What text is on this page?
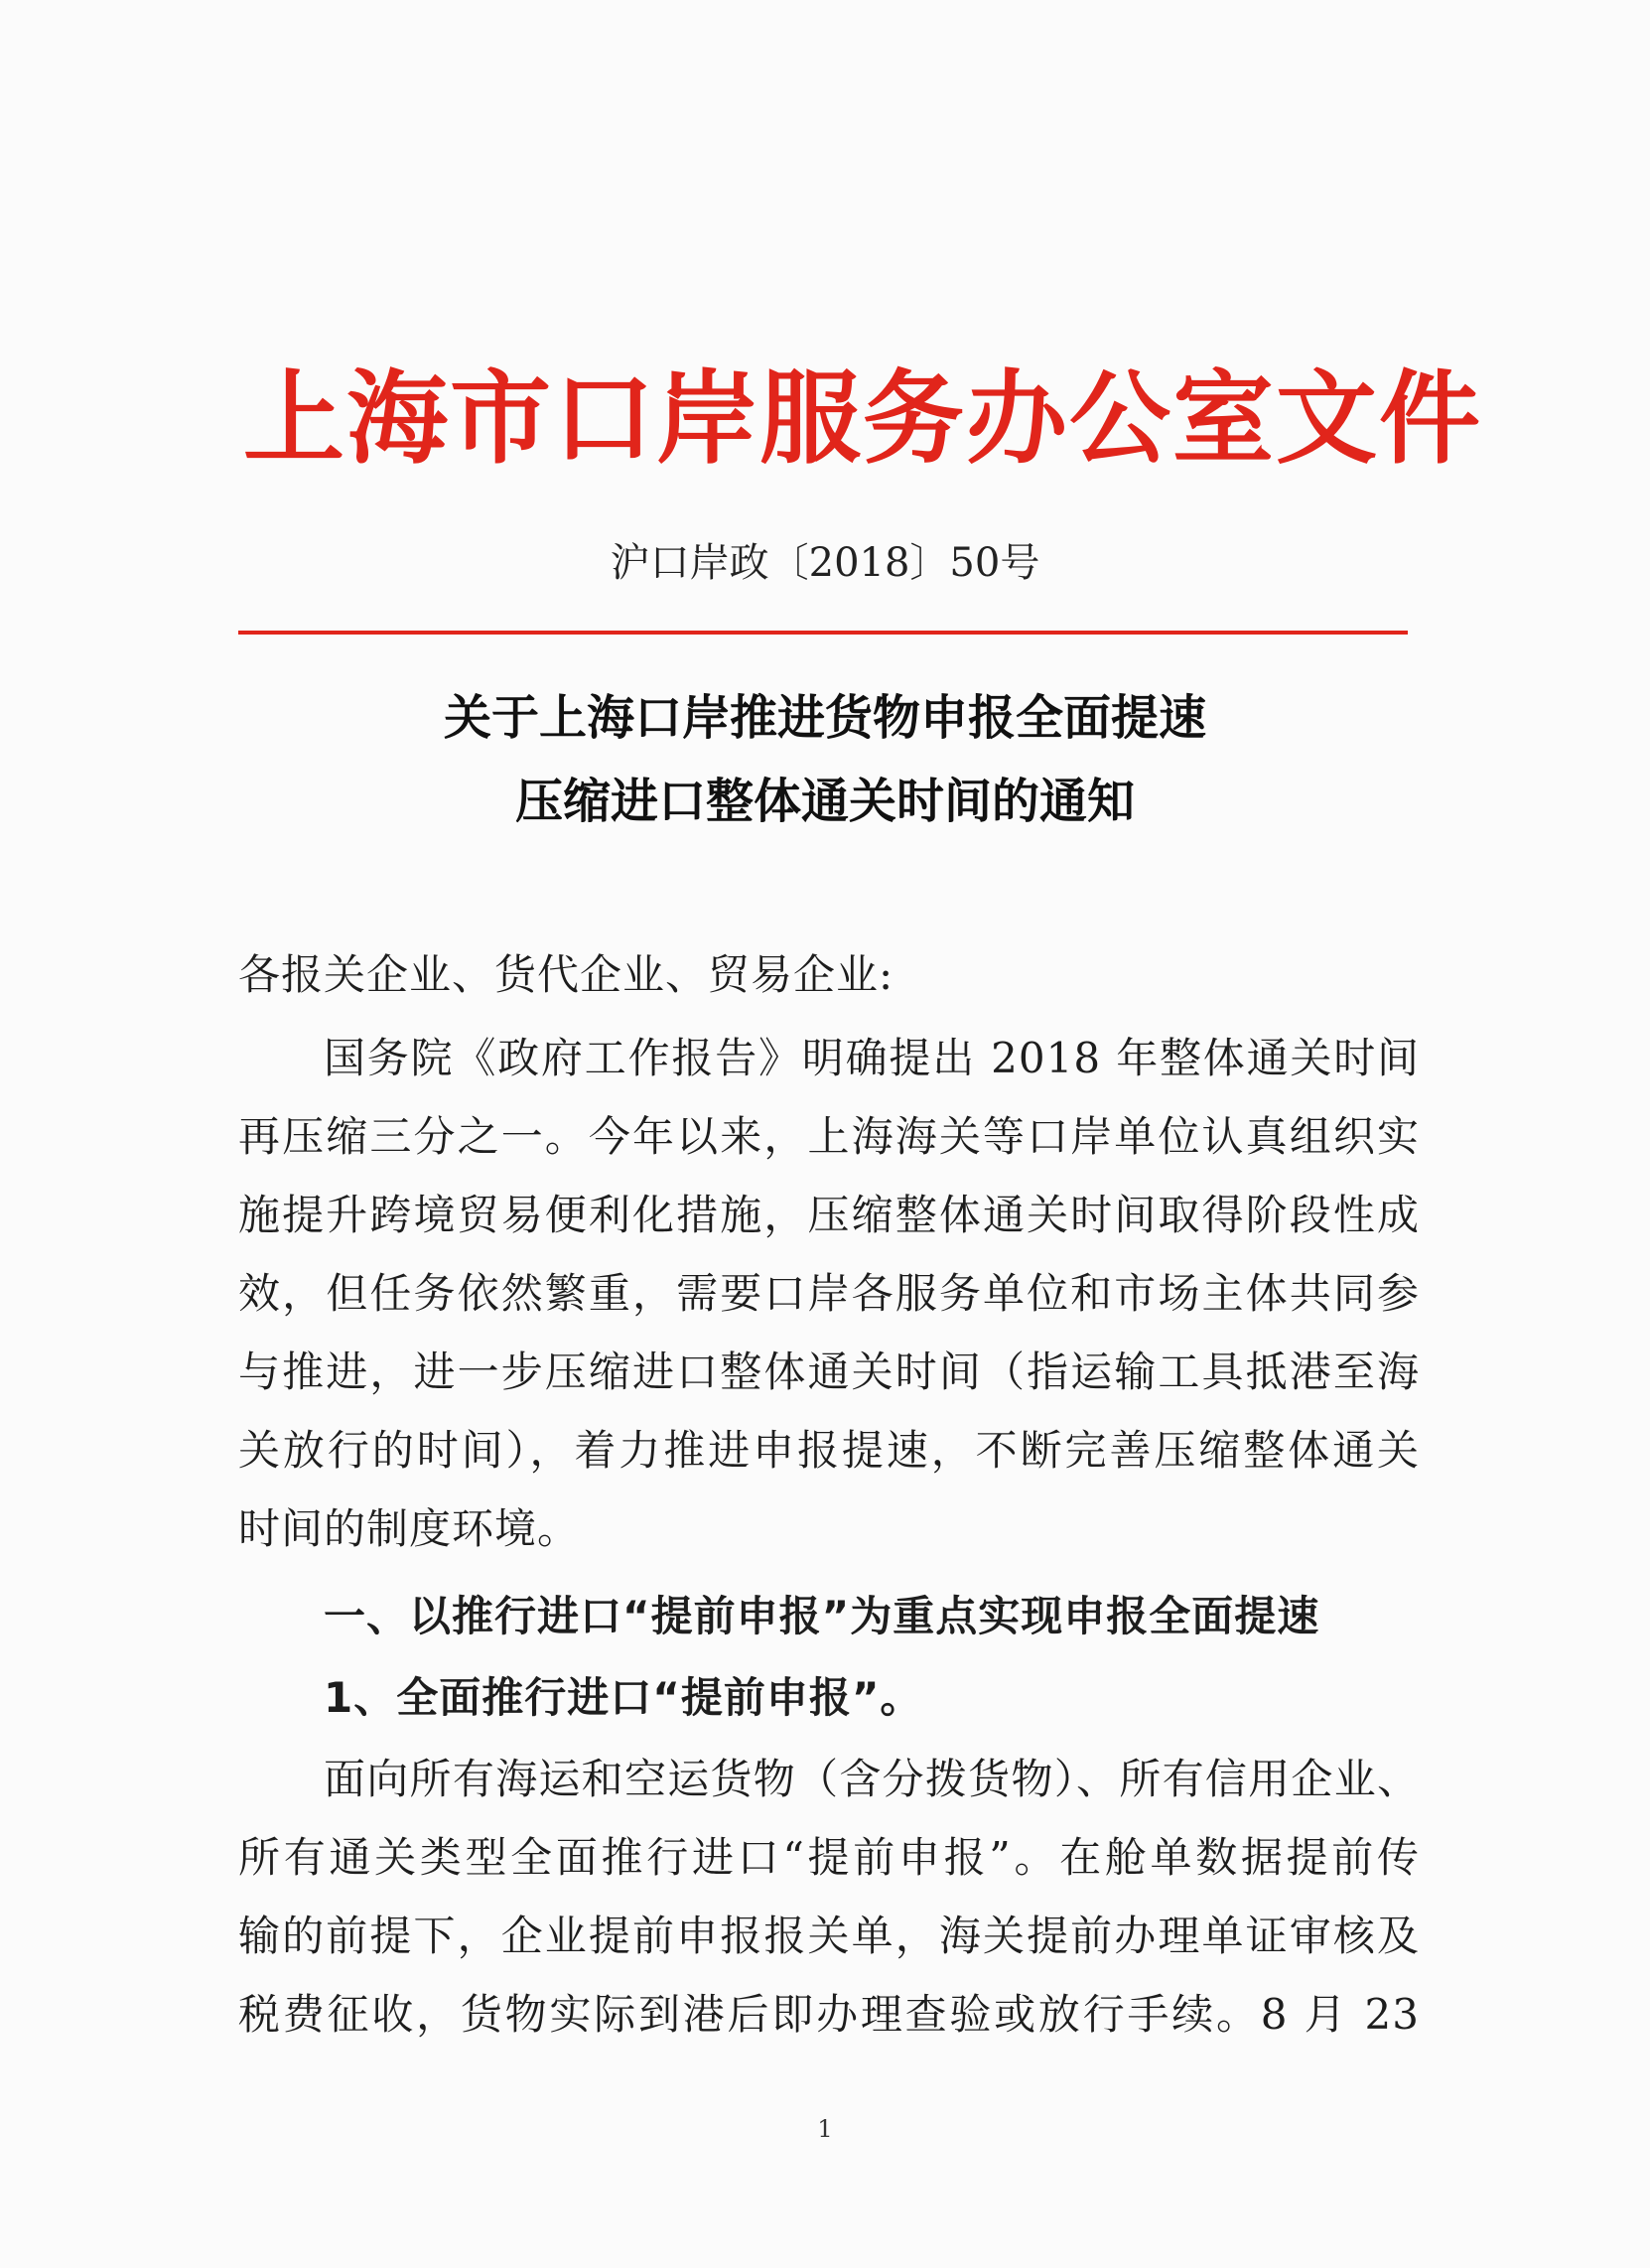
上海市口岸服务办公室文件
沪口岸政〔2018〕50号
关于上海口岸推进货物申报全面提速
压缩进口整体通关时间的通知
各报关企业、货代企业、贸易企业:
国务院《政府工作报告》明确提出 2018 年整体通关时间
再压缩三分之一。今年以来，上海海关等口岸单位认真组织实
施提升跨境贸易便利化措施，压缩整体通关时间取得阶段性成
效，但任务依然繁重，需要口岸各服务单位和市场主体共同参
与推进，进一步压缩进口整体通关时间（指运输工具抵港至海
关放行的时间），着力推进申报提速，不断完善压缩整体通关
时间的制度环境。
一、以推行进口“提前申报”为重点实现申报全面提速
1、全面推行进口“提前申报”。
面向所有海运和空运货物（含分拨货物）、所有信用企业、
所有通关类型全面推行进口“提前申报”。在舱单数据提前传
输的前提下，企业提前申报报关单，海关提前办理单证审核及
税费征收，货物实际到港后即办理查验或放行手续。8 月 23
1
